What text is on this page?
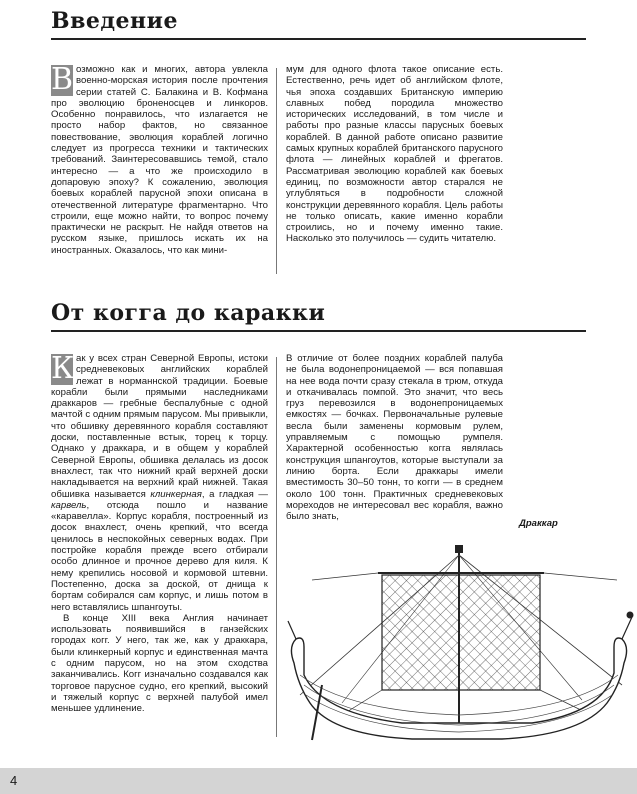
Введение

В озможно как и многих, автора увлекла военно-морская история после прочтения серии статей С. Балакина и В. Кофмана про эволюцию броненосцев и линкоров. Особенно понравилось, что излагается не просто набор фактов, но связанное повествование, эволюция кораблей логично следует из прогресса техники и тактических требований. Заинтересовавшись темой, стало интересно — а что же происходило в допаровую эпоху? К сожалению, эволюция боевых кораблей парусной эпохи описана в отечественной литературе фрагментарно. Что строили, еще можно найти, то вопрос почему практически не раскрыт. Не найдя ответов на русском языке, пришлось искать их на иностранных. Оказалось, что как мини-

мум для одного флота такое описание есть. Естественно, речь идет об английском флоте, чья эпоха создавших Британскую империю славных побед породила множество исторических исследований, в том числе и работы про разные классы парусных боевых кораблей. В данной работе описано развитие самых крупных кораблей британского парусного флота — линейных кораблей и фрегатов. Рассматривая эволюцию кораблей как боевых единиц, по возможности автор старался не углубляться в подробности сложной конструкции деревянного корабля. Цель работы не только описать, какие именно корабли строились, но и почему именно такие. Насколько это получилось — судить читателю.

От когга до каракки

К ак у всех стран Северной Европы, истоки средневековых английских кораблей лежат в норманнской традиции. Боевые корабли были прямыми наследниками драккаров — гребные беспалубные с одной мачтой с одним прямым парусом. Мы привыкли, что обшивку деревянного корабля составляют доски, поставленные встык, торец к торцу. Однако у драккара, и в общем у кораблей Северной Европы, обшивка делалась из досок внахлест, так что нижний край верхней доски накладывается на верхний край нижней. Такая обшивка называется клинкерная, а гладкая — карвель, отсюда пошло и название «каравелла». Корпус корабля, построенный из досок внахлест, очень крепкий, что всегда ценилось в неспокойных северных водах. При постройке корабля прежде всего отбирали особо длинное и прочное дерево для киля. К нему крепились носовой и кормовой штевни. Постепенно, доска за доской, от днища к бортам собирался сам корпус, и лишь потом в него вставлялись шпангоуты.

В конце XIII века Англия начинает использовать появившийся в ганзейских городах когг. У него, так же, как у драккара, были клинкерный корпус и единственная мачта с одним парусом, но на этом сходства заканчивались. Когг изначально создавался как торговое парусное судно, его крепкий, высокий и тяжелый корпус с верхней палубой имел меньшее удлинение.

В отличие от более поздних кораблей палуба не была водонепроницаемой — вся попавшая на нее вода почти сразу стекала в трюм, откуда и откачивалась помпой. Это значит, что весь груз перевозился в водонепроницаемых емкостях — бочках. Первоначальные рулевые весла были заменены кормовым рулем, управляемым с помощью румпеля. Характерной особенностью когга являлась конструкция шпангоутов, которые выступали за линию борта. Если драккары имели вместимость 30–50 тонн, то когги — в среднем около 100 тонн. Практичных средневековых мореходов не интересовал вес корабля, важно было знать,

Драккар
4
